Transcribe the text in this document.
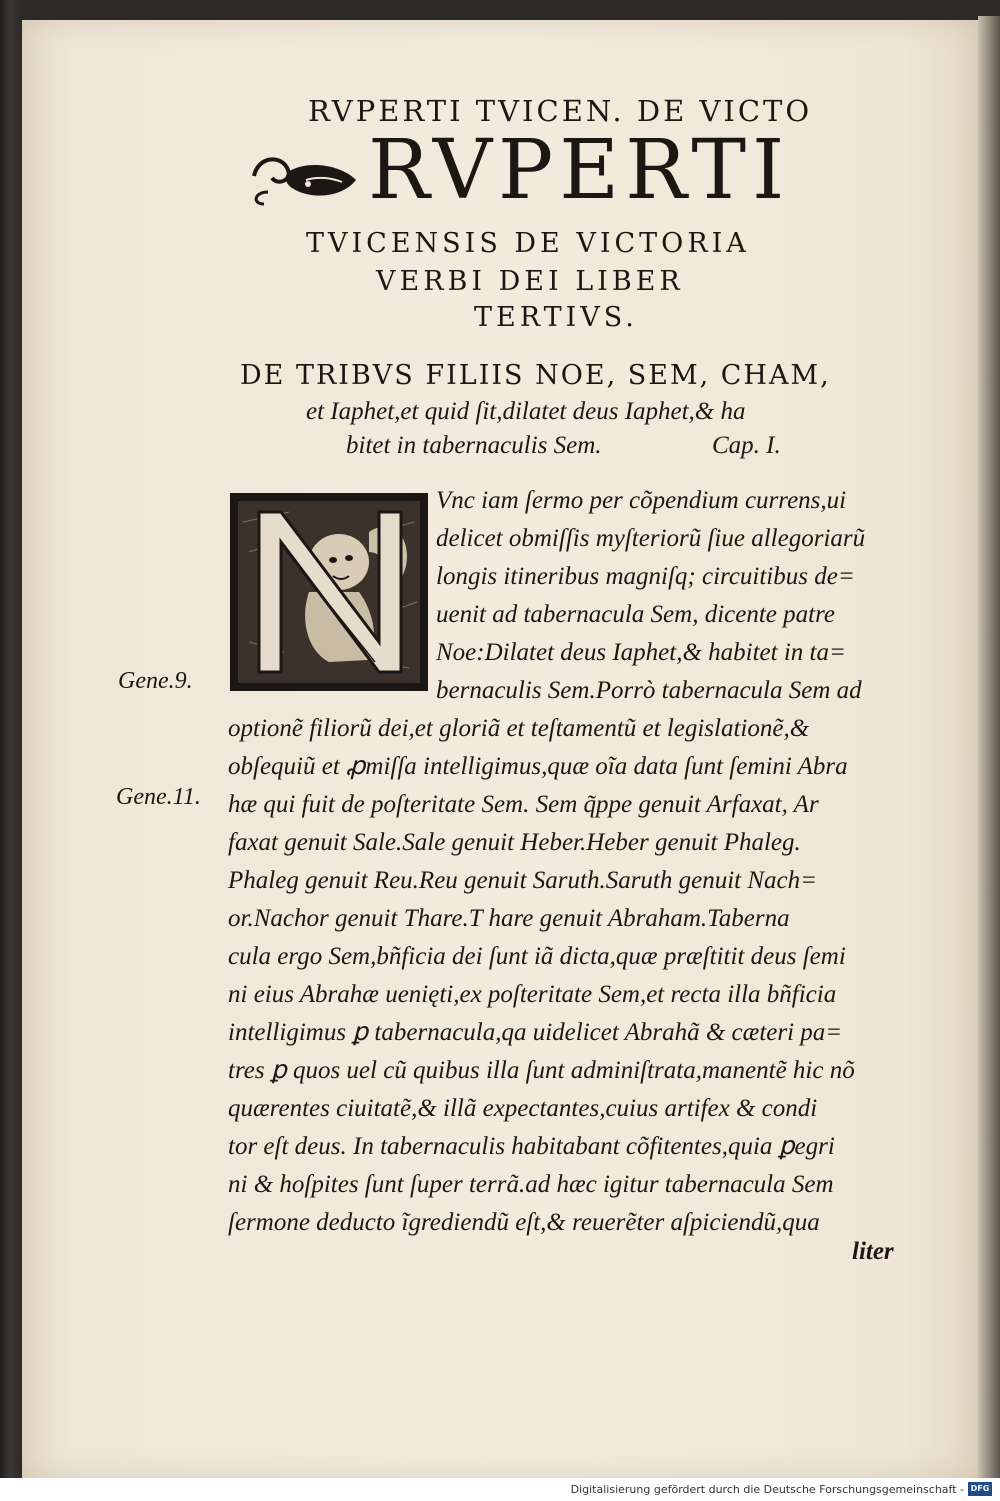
RVPERTI TVICEN. DE VICTO
RVPERTI
TVICENSIS DE VICTORIA
VERBI DEI LIBER
TERTIVS.
DE TRIBVS FILIIS NOE, SEM, CHAM,
et Iaphet,et quid ſit,dilatet deus Iaphet,& ha
bitet in tabernaculis Sem.	Cap. I.
Gene.9.
Gene.11.
Vnc iam ſermo per cõpendium currens,ui
delicet obmiſſis myſteriorũ ſiue allegoriarũ
longis itineribus magniſq; circuitibus de=
uenit ad tabernacula Sem, dicente patre
Noe:Dilatet deus Iaphet,& habitet in ta=
bernaculis Sem.Porrò tabernacula Sem ad
optionẽ filiorũ dei,et gloriã et teſtamentũ et legislationẽ,&
obſequiũ et ꝓmiſſa intelligimus,quæ oĩa data ſunt ſemini Abra
hæ qui fuit de poſteritate Sem. Sem q̃ppe genuit Arfaxat, Ar
faxat genuit Sale.Sale genuit Heber.Heber genuit Phaleg.
Phaleg genuit Reu.Reu genuit Saruth.Saruth genuit Nach=
or.Nachor genuit Thare.T hare genuit Abraham.Taberna
cula ergo Sem,bñficia dei ſunt iã dicta,quæ præſtitit deus ſemi
ni eius Abrahæ uenięti,ex poſteritate Sem,et recta illa bñficia
intelligimus ꝑ tabernacula,qa uidelicet Abrahã & cæteri pa=
tres ꝑ quos uel cũ quibus illa ſunt adminiſtrata,manentẽ hic nõ
quærentes ciuitatẽ,& illã expectantes,cuius artifex & condi
tor eſt deus. In tabernaculis habitabant cõfitentes,quia ꝑegri
ni & hoſpites ſunt ſuper terrã.ad hæc igitur tabernacula Sem
ſermone deducto ĩgrediendũ eſt,& reuerẽter aſpiciendũ,qua
liter
Digitalisierung gefördert durch die Deutsche Forschungsgemeinschaft - DFG
